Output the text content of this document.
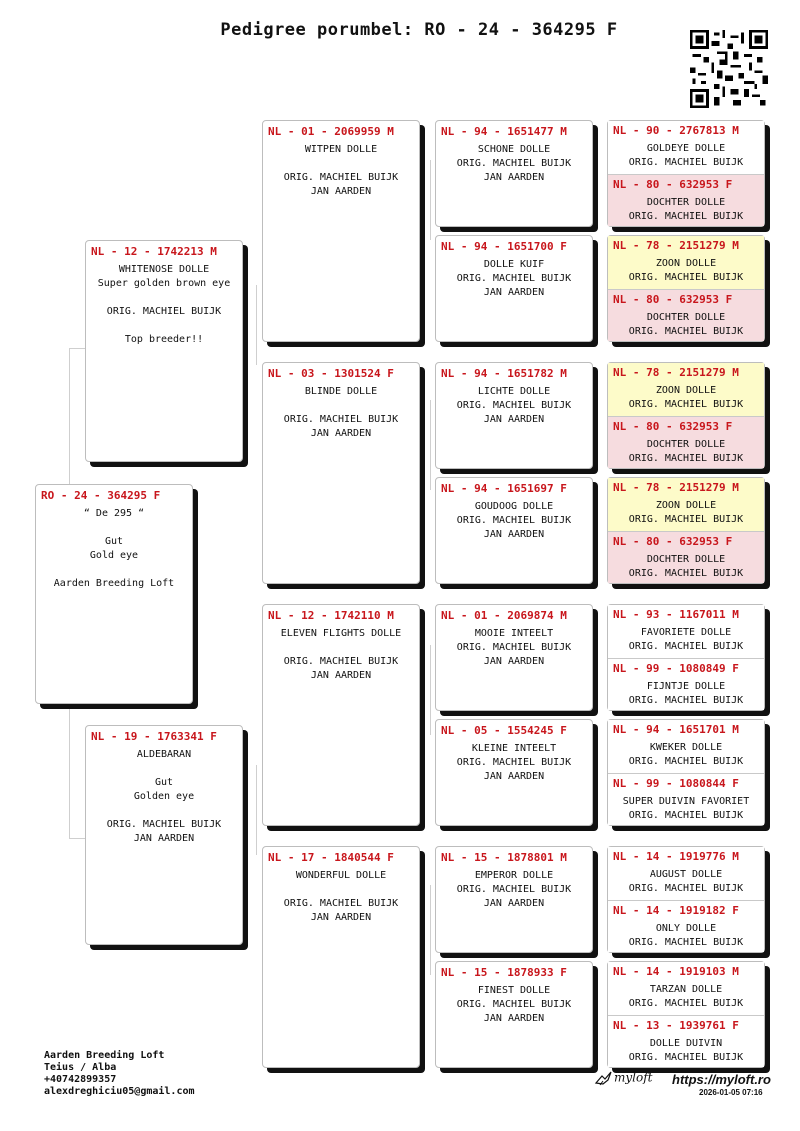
Pedigree porumbel: RO - 24 - 364295 F
RO - 24 - 364295 F
“ De 295 “

Gut
Gold eye

Aarden Breeding Loft
NL - 12 - 1742213 M
WHITENOSE DOLLE
Super golden brown eye

ORIG. MACHIEL BUIJK

Top breeder!!
NL - 19 - 1763341 F
ALDEBARAN

Gut
Golden eye

ORIG. MACHIEL BUIJK
JAN AARDEN
NL - 01 - 2069959 M
WITPEN DOLLE

ORIG. MACHIEL BUIJK
JAN AARDEN
NL - 03 - 1301524 F
BLINDE DOLLE

ORIG. MACHIEL BUIJK
JAN AARDEN
NL - 12 - 1742110 M
ELEVEN FLIGHTS DOLLE

ORIG. MACHIEL BUIJK
JAN AARDEN
NL - 17 - 1840544 F
WONDERFUL DOLLE

ORIG. MACHIEL BUIJK
JAN AARDEN
NL - 94 - 1651477 M
SCHONE DOLLE
ORIG. MACHIEL BUIJK
JAN AARDEN
NL - 94 - 1651700 F
DOLLE KUIF
ORIG. MACHIEL BUIJK
JAN AARDEN
NL - 94 - 1651782 M
LICHTE DOLLE
ORIG. MACHIEL BUIJK
JAN AARDEN
NL - 94 - 1651697 F
GOUDOOG DOLLE
ORIG. MACHIEL BUIJK
JAN AARDEN
NL - 01 - 2069874 M
MOOIE INTEELT
ORIG. MACHIEL BUIJK
JAN AARDEN
NL - 05 - 1554245 F
KLEINE INTEELT
ORIG. MACHIEL BUIJK
JAN AARDEN
NL - 15 - 1878801 M
EMPEROR DOLLE
ORIG. MACHIEL BUIJK
JAN AARDEN
NL - 15 - 1878933 F
FINEST DOLLE
ORIG. MACHIEL BUIJK
JAN AARDEN
NL - 90 - 2767813 M
GOLDEYE DOLLE
ORIG. MACHIEL BUIJK
NL - 80 - 632953 F
DOCHTER DOLLE
ORIG. MACHIEL BUIJK
NL - 78 - 2151279 M
ZOON DOLLE
ORIG. MACHIEL BUIJK
NL - 80 - 632953 F
DOCHTER DOLLE
ORIG. MACHIEL BUIJK
NL - 78 - 2151279 M
ZOON DOLLE
ORIG. MACHIEL BUIJK
NL - 80 - 632953 F
DOCHTER DOLLE
ORIG. MACHIEL BUIJK
NL - 78 - 2151279 M
ZOON DOLLE
ORIG. MACHIEL BUIJK
NL - 80 - 632953 F
DOCHTER DOLLE
ORIG. MACHIEL BUIJK
NL - 93 - 1167011 M
FAVORIETE DOLLE
ORIG. MACHIEL BUIJK
NL - 99 - 1080849 F
FIJNTJE DOLLE
ORIG. MACHIEL BUIJK
NL - 94 - 1651701 M
KWEKER DOLLE
ORIG. MACHIEL BUIJK
NL - 99 - 1080844 F
SUPER DUIVIN FAVORIET
ORIG. MACHIEL BUIJK
NL - 14 - 1919776 M
AUGUST DOLLE
ORIG. MACHIEL BUIJK
NL - 14 - 1919182 F
ONLY DOLLE
ORIG. MACHIEL BUIJK
NL - 14 - 1919103 M
TARZAN DOLLE
ORIG. MACHIEL BUIJK
NL - 13 - 1939761 F
DOLLE DUIVIN
ORIG. MACHIEL BUIJK
Aarden Breeding Loft
Teius / Alba
+40742899357
alexdreghiciu05@gmail.com
myloft https://myloft.ro
2026-01-05 07:16
